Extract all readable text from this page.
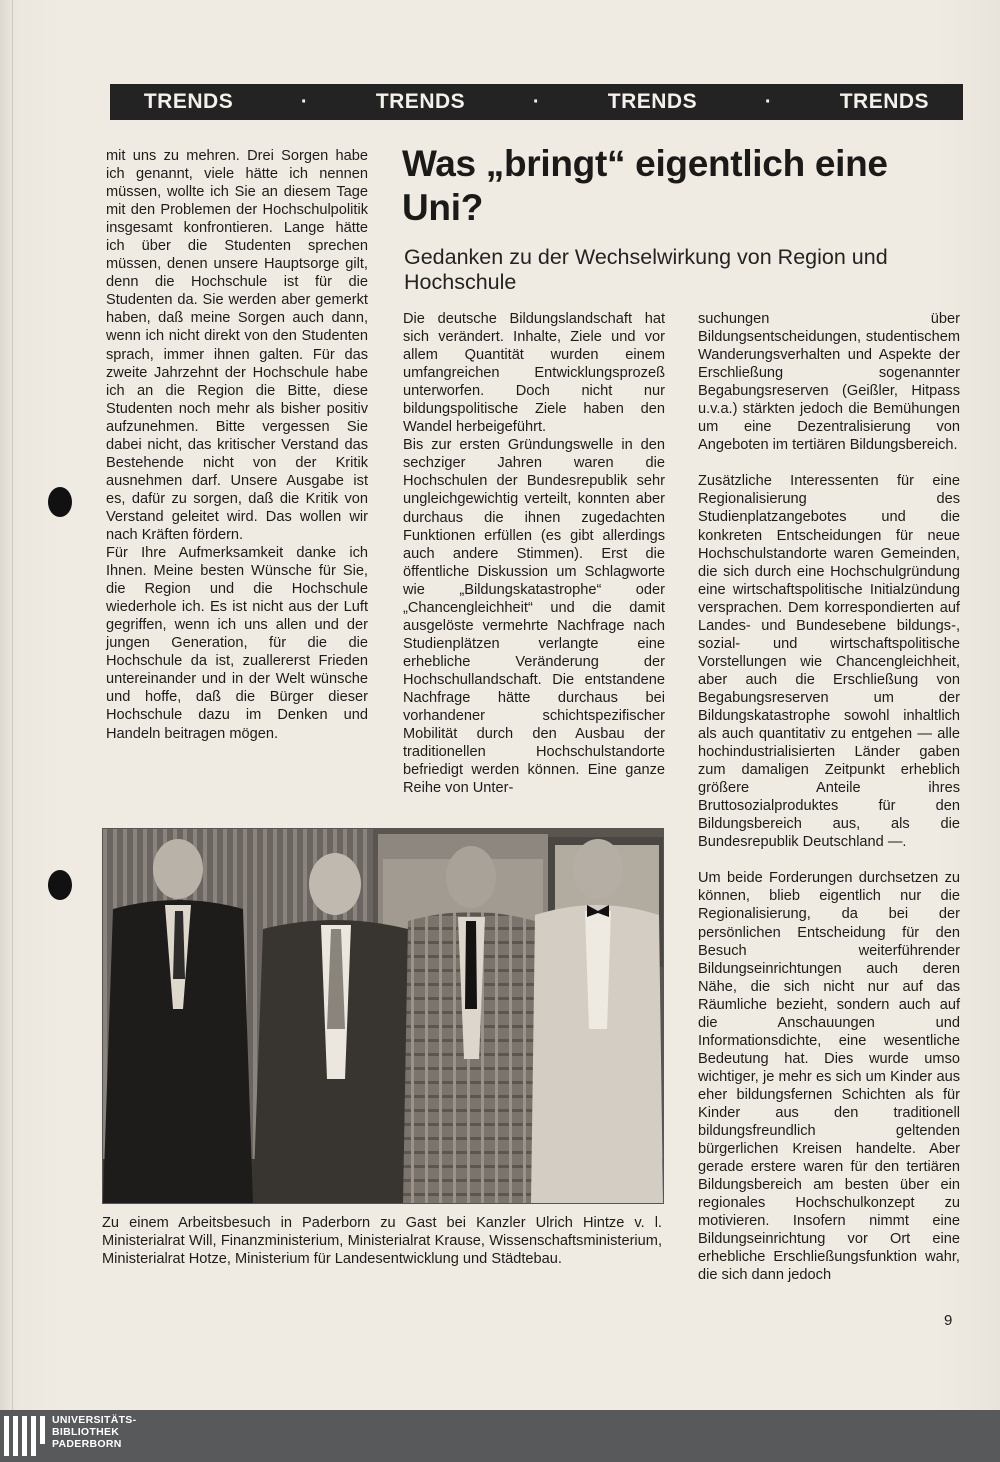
TRENDS	·	TRENDS	·	TRENDS	·	TRENDS

mit uns zu mehren. Drei Sorgen habe ich genannt, viele hätte ich nennen müssen, wollte ich Sie an diesem Tage mit den Problemen der Hochschulpolitik insgesamt konfrontieren. Lange hätte ich über die Studenten sprechen müssen, denen unsere Hauptsorge gilt, denn die Hochschule ist für die Studenten da. Sie werden aber gemerkt haben, daß meine Sorgen auch dann, wenn ich nicht direkt von den Studenten sprach, immer ihnen galten. Für das zweite Jahrzehnt der Hochschule habe ich an die Region die Bitte, diese Studenten noch mehr als bisher positiv aufzunehmen. Bitte vergessen Sie dabei nicht, das kritischer Verstand das Bestehende nicht von der Kritik ausnehmen darf. Unsere Ausgabe ist es, dafür zu sorgen, daß die Kritik von Verstand geleitet wird. Das wollen wir nach Kräften fördern.

Für Ihre Aufmerksamkeit danke ich Ihnen. Meine besten Wünsche für Sie, die Region und die Hochschule wiederhole ich. Es ist nicht aus der Luft gegriffen, wenn ich uns allen und der jungen Generation, für die die Hochschule da ist, zuallererst Frieden untereinander und in der Welt wünsche und hoffe, daß die Bürger dieser Hochschule dazu im Denken und Handeln beitragen mögen.

Was „bringt“ eigentlich eine Uni?
Gedanken zu der Wechselwirkung von Region und Hochschule

Die deutsche Bildungslandschaft hat sich verändert. Inhalte, Ziele und vor allem Quantität wurden einem umfangreichen Entwicklungsprozeß unterworfen. Doch nicht nur bildungspolitische Ziele haben den Wandel herbeigeführt.

Bis zur ersten Gründungswelle in den sechziger Jahren waren die Hochschulen der Bundesrepublik sehr ungleichgewichtig verteilt, konnten aber durchaus die ihnen zugedachten Funktionen erfüllen (es gibt allerdings auch andere Stimmen). Erst die öffentliche Diskussion um Schlagworte wie „Bildungskatastrophe“ oder „Chancengleichheit“ und die damit ausgelöste vermehrte Nachfrage nach Studienplätzen verlangte eine erhebliche Veränderung der Hochschullandschaft. Die entstandene Nachfrage hätte durchaus bei vorhandener schichtspezifischer Mobilität durch den Ausbau der traditionellen Hochschulstandorte befriedigt werden können. Eine ganze Reihe von Unter-

suchungen über Bildungsentscheidungen, studentischem Wanderungsverhalten und Aspekte der Erschließung sogenannter Begabungsreserven (Geißler, Hitpass u.v.a.) stärkten jedoch die Bemühungen um eine Dezentralisierung von Angeboten im tertiären Bildungsbereich.

Zusätzliche Interessenten für eine Regionalisierung des Studienplatzangebotes und die konkreten Entscheidungen für neue Hochschulstandorte waren Gemeinden, die sich durch eine Hochschulgründung eine wirtschaftspolitische Initialzündung versprachen. Dem korrespondierten auf Landes- und Bundesebene bildungs-, sozial- und wirtschaftspolitische Vorstellungen wie Chancengleichheit, aber auch die Erschließung von Begabungsreserven um der Bildungskatastrophe sowohl inhaltlich als auch quantitativ zu entgehen — alle hochindustrialisierten Länder gaben zum damaligen Zeitpunkt erheblich größere Anteile ihres Bruttosozialproduktes für den Bildungsbereich aus, als die Bundesrepublik Deutschland —.

Um beide Forderungen durchsetzen zu können, blieb eigentlich nur die Regionalisierung, da bei der persönlichen Entscheidung für den Besuch weiterführender Bildungseinrichtungen auch deren Nähe, die sich nicht nur auf das Räumliche bezieht, sondern auch auf die Anschauungen und Informationsdichte, eine wesentliche Bedeutung hat. Dies wurde umso wichtiger, je mehr es sich um Kinder aus eher bildungsfernen Schichten als für Kinder aus den traditionell bildungsfreundlich geltenden bürgerlichen Kreisen handelte. Aber gerade erstere waren für den tertiären Bildungsbereich am besten über ein regionales Hochschulkonzept zu motivieren. Insofern nimmt eine Bildungseinrichtung vor Ort eine erhebliche Erschließungsfunktion wahr, die sich dann jedoch

Zu einem Arbeitsbesuch in Paderborn zu Gast bei Kanzler Ulrich Hintze v. l. Ministerialrat Will, Finanzministerium, Ministerialrat Krause, Wissenschaftsministerium, Ministerialrat Hotze, Ministerium für Landesentwicklung und Städtebau.
9
UNIVERSITÄTS-
BIBLIOTHEK
PADERBORN
